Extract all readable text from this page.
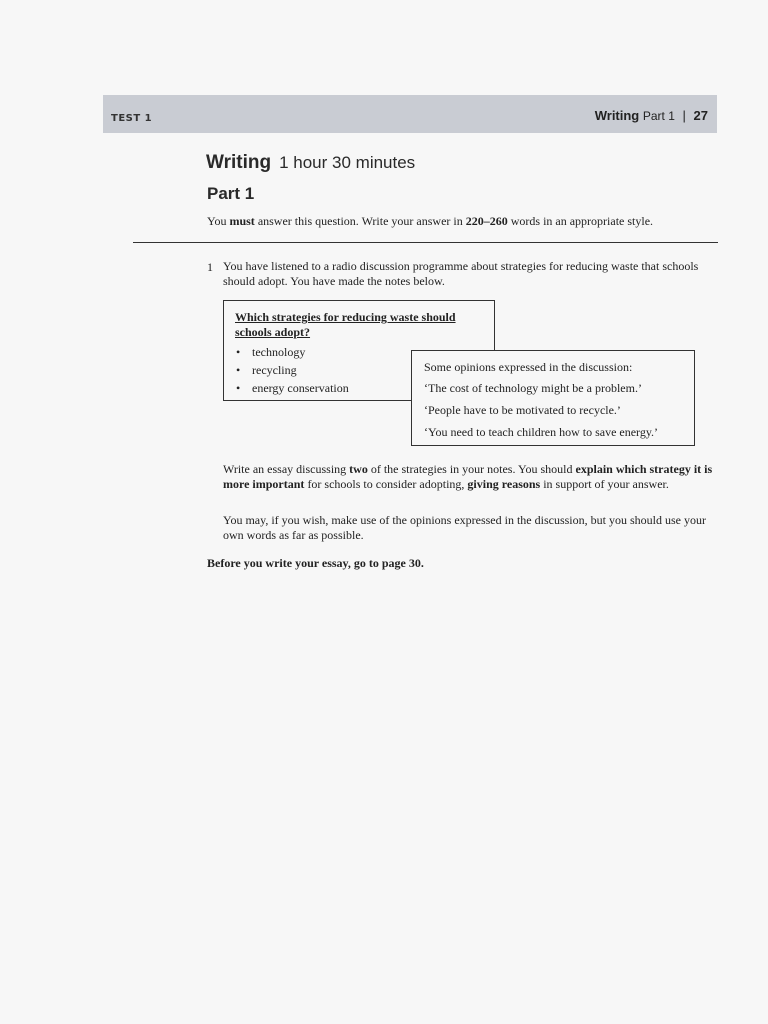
TEST 1	Writing Part 1 | 27
Writing 1 hour 30 minutes
Part 1
You must answer this question. Write your answer in 220–260 words in an appropriate style.
1 You have listened to a radio discussion programme about strategies for reducing waste that schools should adopt. You have made the notes below.
Which strategies for reducing waste should schools adopt?
• technology
• recycling
• energy conservation

Some opinions expressed in the discussion:

‘The cost of technology might be a problem.’

‘People have to be motivated to recycle.’

‘You need to teach children how to save energy.’

Write an essay discussing two of the strategies in your notes. You should explain which strategy it is more important for schools to consider adopting, giving reasons in support of your answer.

You may, if you wish, make use of the opinions expressed in the discussion, but you should use your own words as far as possible.

Before you write your essay, go to page 30.
